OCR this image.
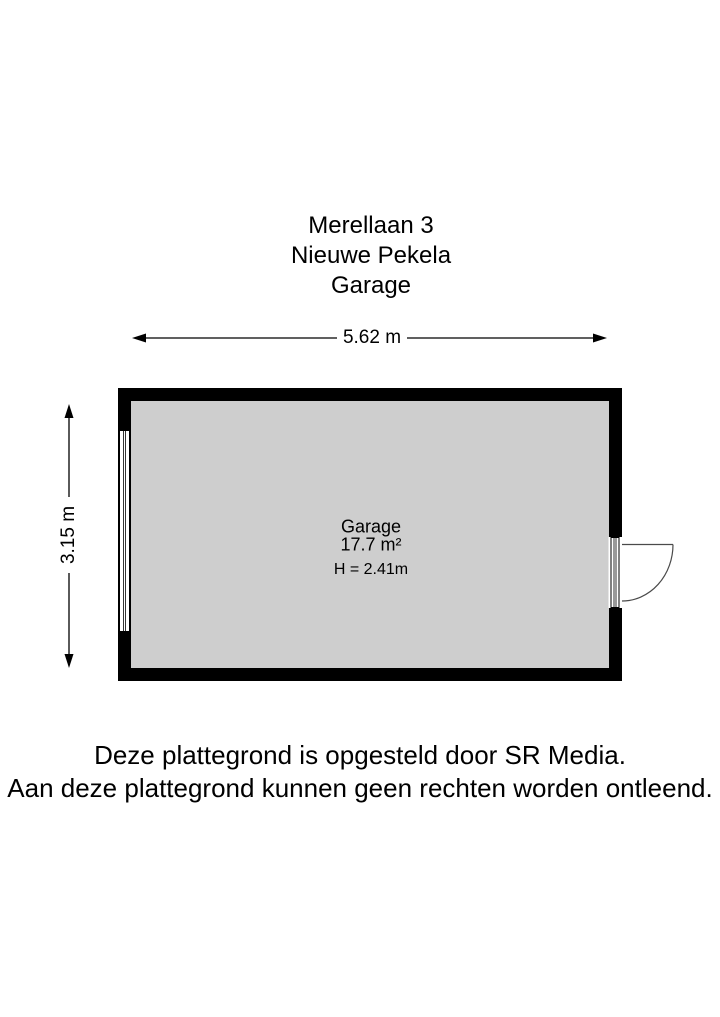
Merellaan 3
Nieuwe Pekela
Garage
5.62 m
3.15 m	Garage
17.7 m²
H = 2.41m
Deze plattegrond is opgesteld door SR Media.
Aan deze plattegrond kunnen geen rechten worden ontleend.
